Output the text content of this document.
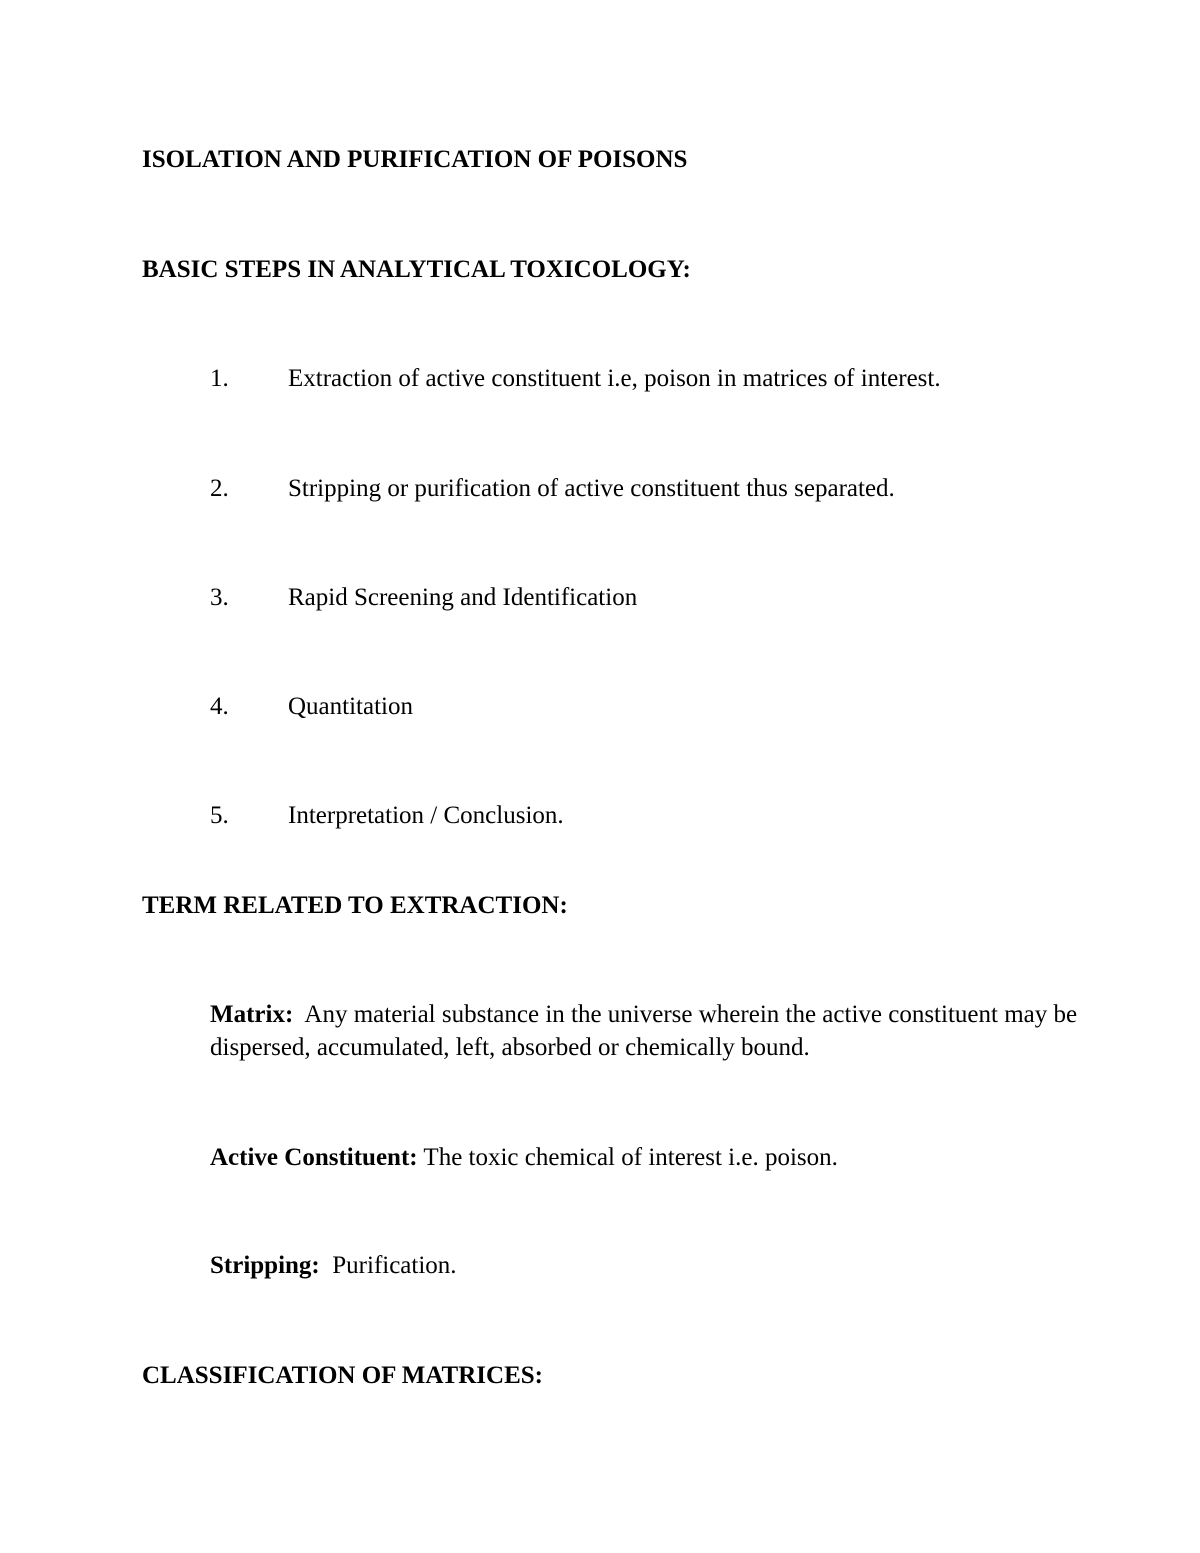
ISOLATION AND PURIFICATION OF POISONS
BASIC STEPS IN ANALYTICAL TOXICOLOGY:
1. Extraction of active constituent i.e, poison in matrices of interest.
2. Stripping or purification of active constituent thus separated.
3. Rapid Screening and Identification
4. Quantitation
5. Interpretation / Conclusion.
TERM RELATED TO EXTRACTION:
Matrix: Any material substance in the universe wherein the active constituent may be dispersed, accumulated, left, absorbed or chemically bound.
Active Constituent: The toxic chemical of interest i.e. poison.
Stripping: Purification.
CLASSIFICATION OF MATRICES:
